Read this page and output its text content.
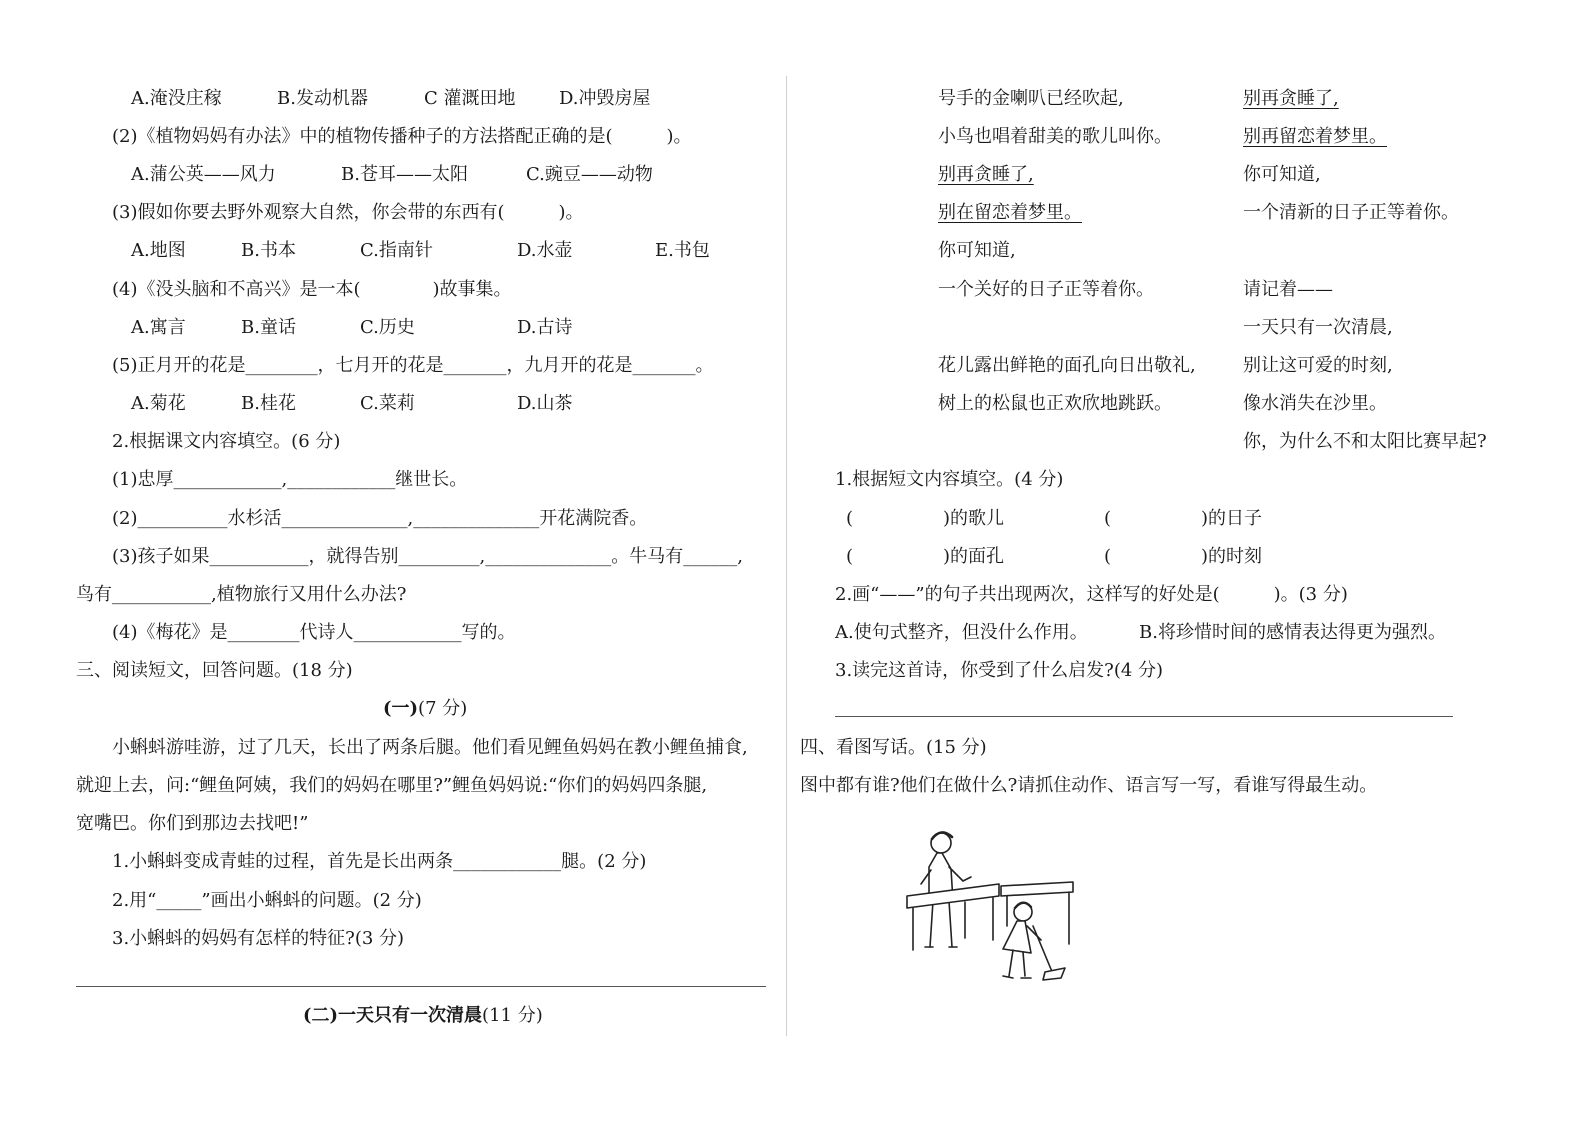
A.淹没庄稼	B.发动机器	C 灌溉田地 D.冲毁房屋
(2)《植物妈妈有办法》中的植物传播种子的方法搭配正确的是(　　　)。
A.蒲公英——风力	B.苍耳——太阳	C.豌豆——动物
(3)假如你要去野外观察大自然，你会带的东西有(　　　)。
A.地图	B.书本	C.指南针	D.水壶	E.书包
(4)《没头脑和不高兴》是一本(　　　　)故事集。
A.寓言	B.童话	C.历史	D.古诗
(5)正月开的花是________，七月开的花是_______，九月开的花是_______。
A.菊花	B.桂花	C.菜莉	D.山茶
2.根据课文内容填空。(6 分)
(1)忠厚____________,____________继世长。
(2)__________水杉活______________,______________开花满院香。
(3)孩子如果___________，就得告别_________,______________。牛马有______,
鸟有___________,植物旅行又用什么办法?
(4)《梅花》是________代诗人____________写的。
三、阅读短文，回答问题。(18 分)
(一)(7 分)
小蝌蚪游哇游，过了几天，长出了两条后腿。他们看见鲤鱼妈妈在教小鲤鱼捕食,
就迎上去，问:“鲤鱼阿姨，我们的妈妈在哪里?”鲤鱼妈妈说:“你们的妈妈四条腿,
宽嘴巴。你们到那边去找吧!”
1.小蝌蚪变成青蛙的过程，首先是长出两条____________腿。(2 分)
2.用“_____”画出小蝌蚪的问题。(2 分)
3.小蝌蚪的妈妈有怎样的特征?(3 分)
(二)一天只有一次清晨(11 分)
号手的金喇叭已经吹起,
小鸟也唱着甜美的歌儿叫你。
别再贪睡了,
别在留恋着梦里。
你可知道,
一个关好的日子正等着你。
花儿露出鲜艳的面孔向日出敬礼,
树上的松鼠也正欢欣地跳跃。
别再贪睡了,
别再留恋着梦里。
你可知道,
一个清新的日子正等着你。
请记着——
一天只有一次清晨,
别让这可爱的时刻,
像水消失在沙里。
你，为什么不和太阳比赛早起?
1.根据短文内容填空。(4 分)
(　　　　　)的歌儿	(　　　　　)的日子
(　　　　　)的面孔	(　　　　　)的时刻
2.画“——”的句子共出现两次，这样写的好处是(　　　)。(3 分)
A.使句式整齐，但没什么作用。	B.将珍惜时间的感情表达得更为强烈。
3.读完这首诗，你受到了什么启发?(4 分)
四、看图写话。(15 分)
图中都有谁?他们在做什么?请抓住动作、语言写一写，看谁写得最生动。
